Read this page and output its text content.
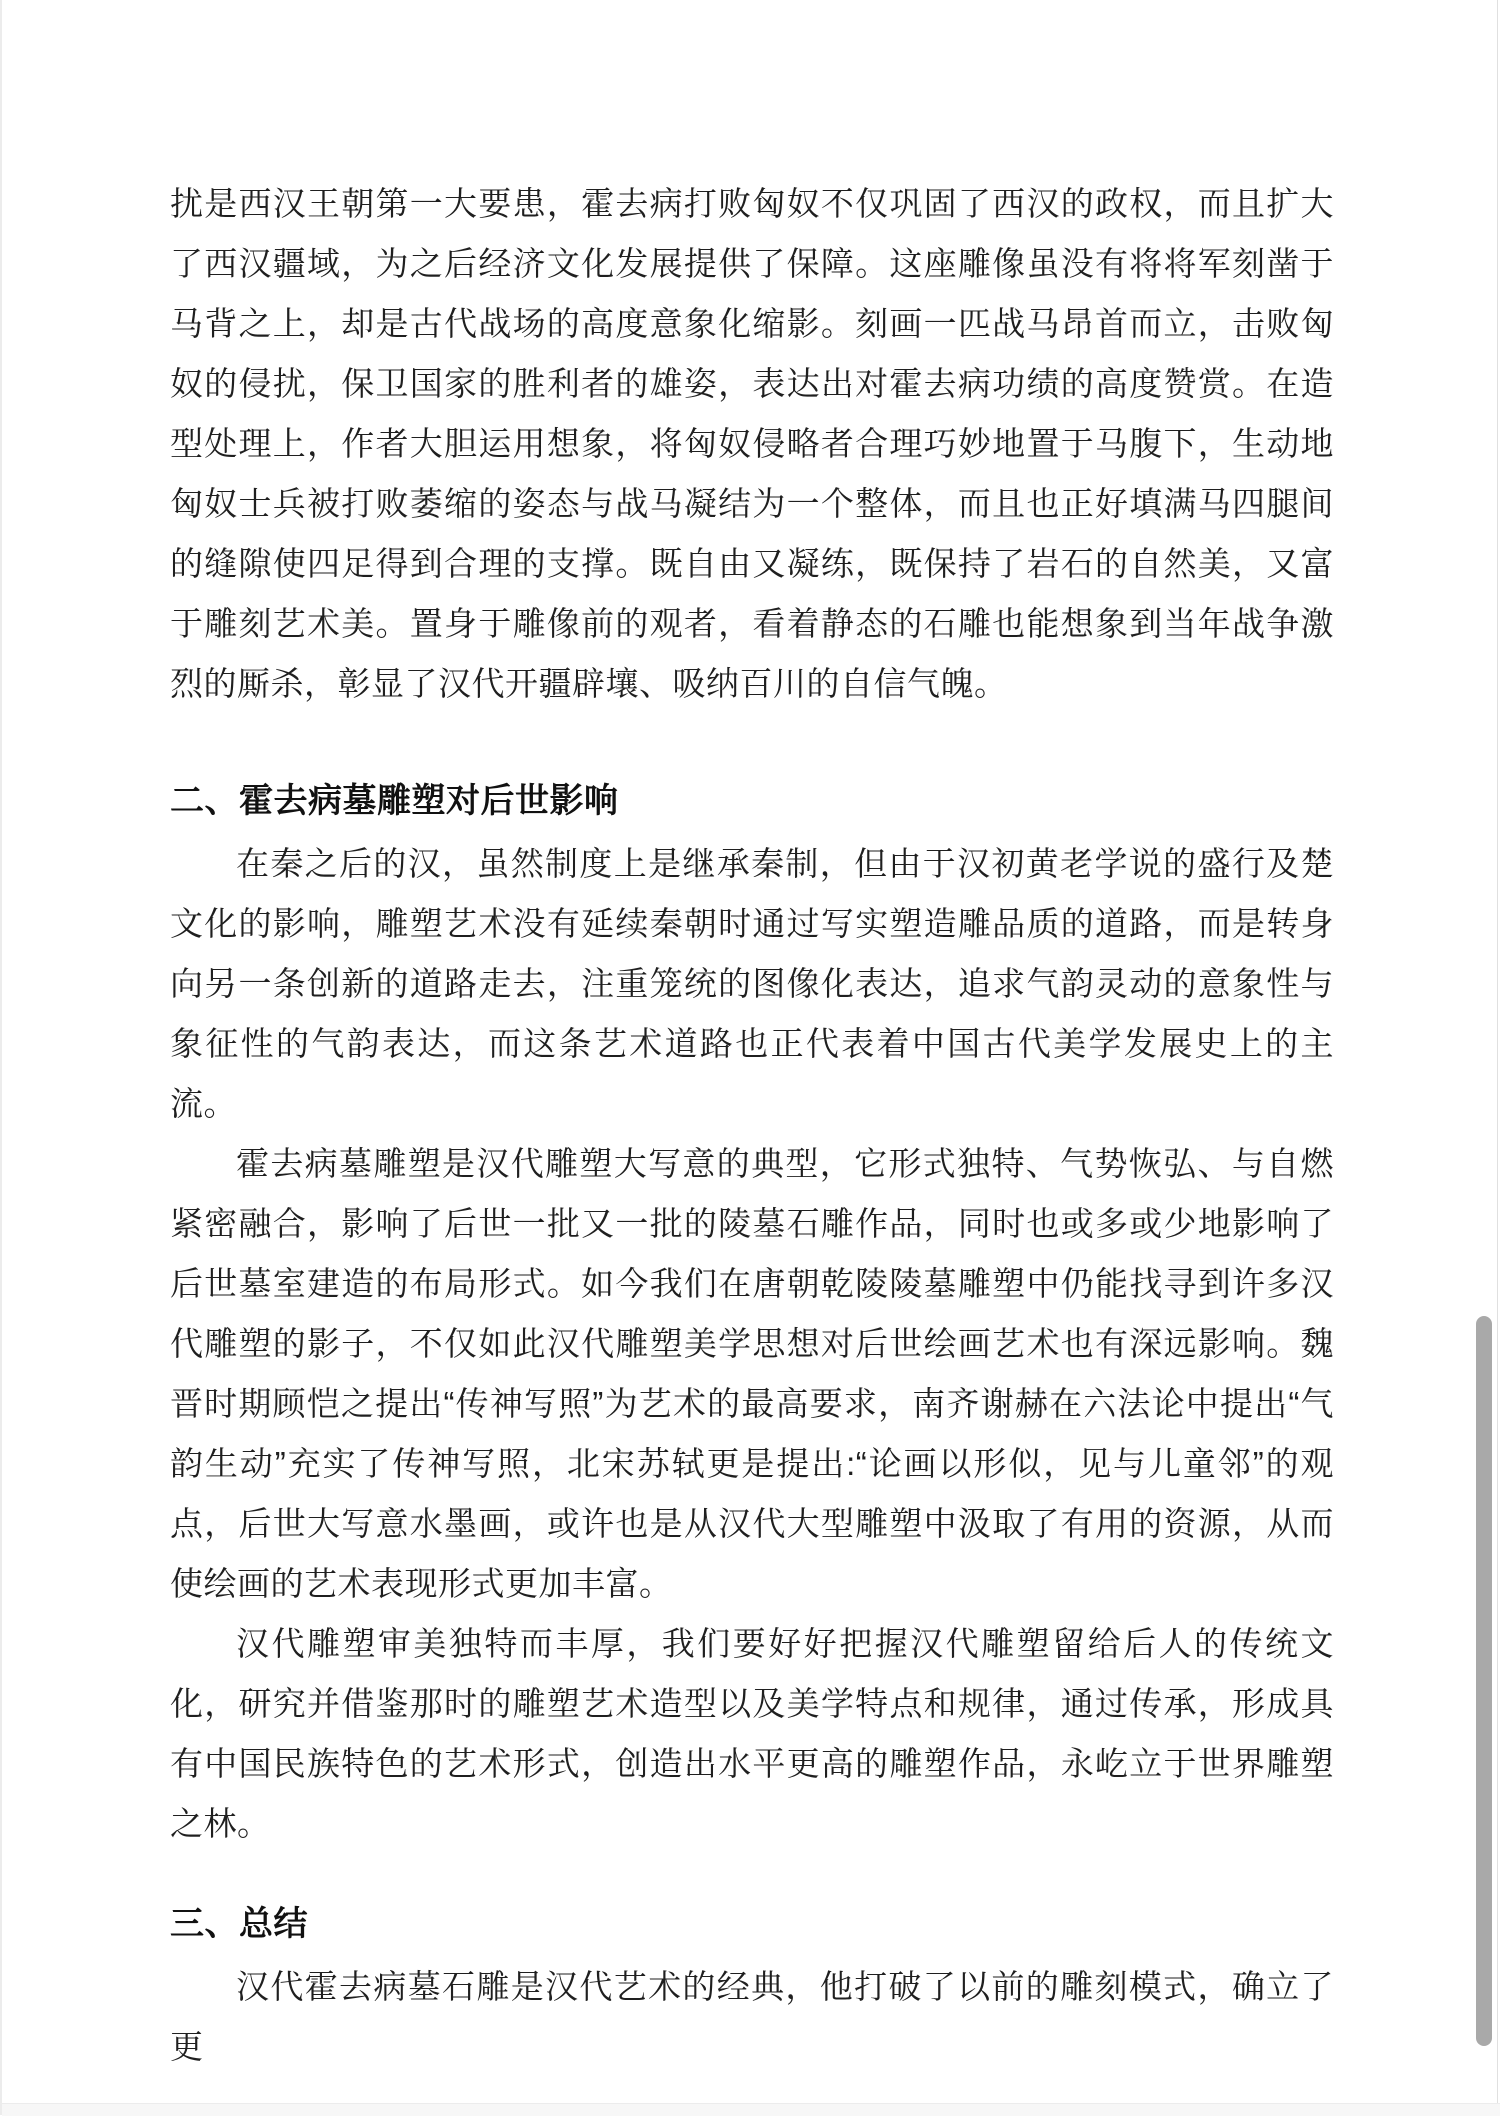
扰是西汉王朝第一大要患，霍去病打败匈奴不仅巩固了西汉的政权，而且扩大了西汉疆域，为之后经济文化发展提供了保障。这座雕像虽没有将将军刻凿于马背之上，却是古代战场的高度意象化缩影。刻画一匹战马昂首而立，击败匈奴的侵扰，保卫国家的胜利者的雄姿，表达出对霍去病功绩的高度赞赏。在造型处理上，作者大胆运用想象，将匈奴侵略者合理巧妙地置于马腹下，生动地匈奴士兵被打败萎缩的姿态与战马凝结为一个整体，而且也正好填满马四腿间的缝隙使四足得到合理的支撑。既自由又凝练，既保持了岩石的自然美，又富于雕刻艺术美。置身于雕像前的观者，看着静态的石雕也能想象到当年战争激烈的厮杀，彰显了汉代开疆辟壤、吸纳百川的自信气魄。

二、霍去病墓雕塑对后世影响

在秦之后的汉，虽然制度上是继承秦制，但由于汉初黄老学说的盛行及楚文化的影响，雕塑艺术没有延续秦朝时通过写实塑造雕品质的道路，而是转身向另一条创新的道路走去，注重笼统的图像化表达，追求气韵灵动的意象性与象征性的气韵表达，而这条艺术道路也正代表着中国古代美学发展史上的主流。

霍去病墓雕塑是汉代雕塑大写意的典型，它形式独特、气势恢弘、与自燃紧密融合，影响了后世一批又一批的陵墓石雕作品，同时也或多或少地影响了后世墓室建造的布局形式。如今我们在唐朝乾陵陵墓雕塑中仍能找寻到许多汉代雕塑的影子，不仅如此汉代雕塑美学思想对后世绘画艺术也有深远影响。魏晋时期顾恺之提出“传神写照”为艺术的最高要求，南齐谢赫在六法论中提出“气韵生动”充实了传神写照，北宋苏轼更是提出:“论画以形似，见与儿童邻”的观点，后世大写意水墨画，或许也是从汉代大型雕塑中汲取了有用的资源，从而使绘画的艺术表现形式更加丰富。

汉代雕塑审美独特而丰厚，我们要好好把握汉代雕塑留给后人的传统文化，研究并借鉴那时的雕塑艺术造型以及美学特点和规律，通过传承，形成具有中国民族特色的艺术形式，创造出水平更高的雕塑作品，永屹立于世界雕塑之林。

三、总结

汉代霍去病墓石雕是汉代艺术的经典，他打破了以前的雕刻模式，确立了更
